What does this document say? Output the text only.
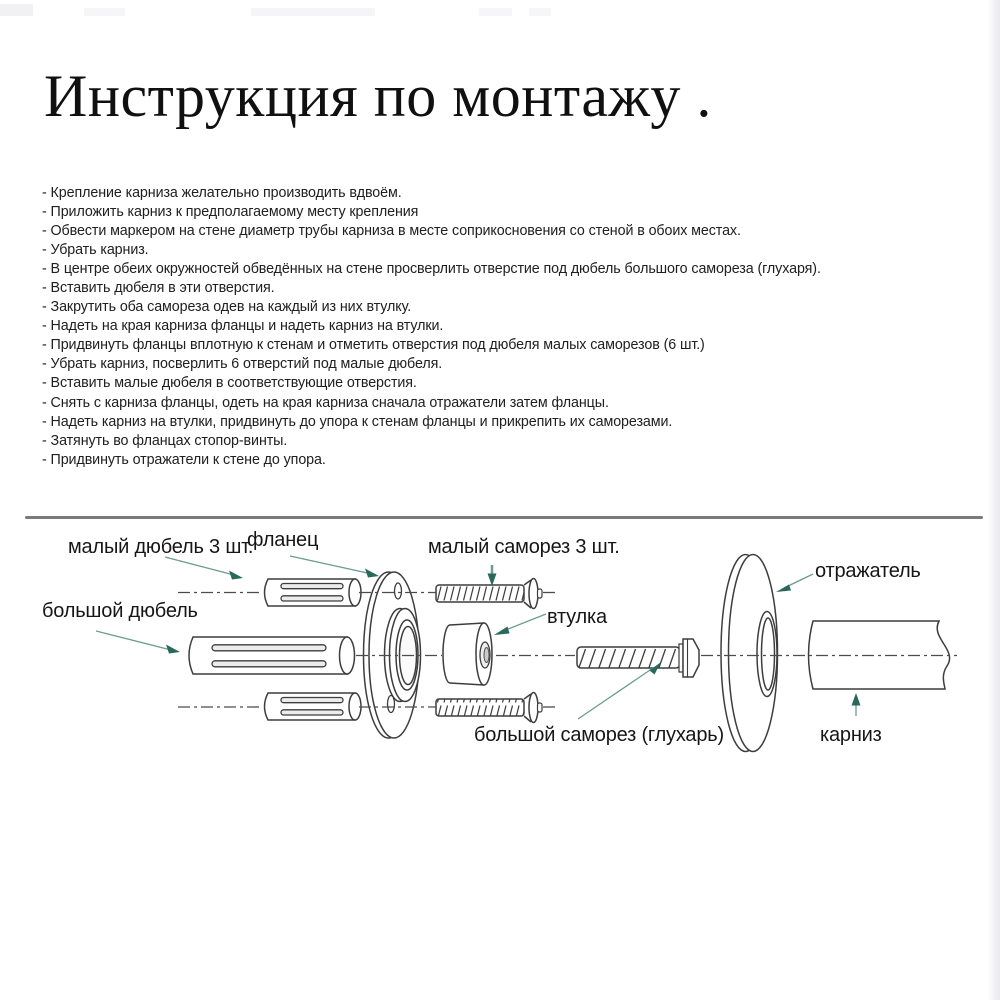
Инструкция по монтажу .
- Крепление карниза желательно производить вдвоём.
- Приложить карниз к предполагаемому месту крепления
- Обвести маркером на стене диаметр трубы карниза в месте соприкосновения со стеной в обоих местах.
- Убрать карниз.
- В центре обеих окружностей обведённых на стене просверлить отверстие под дюбель большого самореза (глухаря).
- Вставить дюбеля в эти отверстия.
- Закрутить оба самореза одев на каждый из них втулку.
- Надеть на края карниза фланцы и надеть карниз на втулки.
- Придвинуть фланцы вплотную к стенам и отметить отверстия под дюбеля малых саморезов (6 шт.)
- Убрать карниз, посверлить 6 отверстий под малые дюбеля.
- Вставить малые дюбеля в соответствующие отверстия.
- Снять с карниза фланцы, одеть на края карниза сначала отражатели затем фланцы.
- Надеть карниз на втулки, придвинуть до упора к стенам фланцы и прикрепить их саморезами.
- Затянуть во фланцах стопор-винты.
- Придвинуть отражатели к стене до упора.
малый дюбель 3 шт.
фланец	малый саморез 3 шт.
большой дюбель	втулка
большой саморез (глухарь)
отражатель
карниз
